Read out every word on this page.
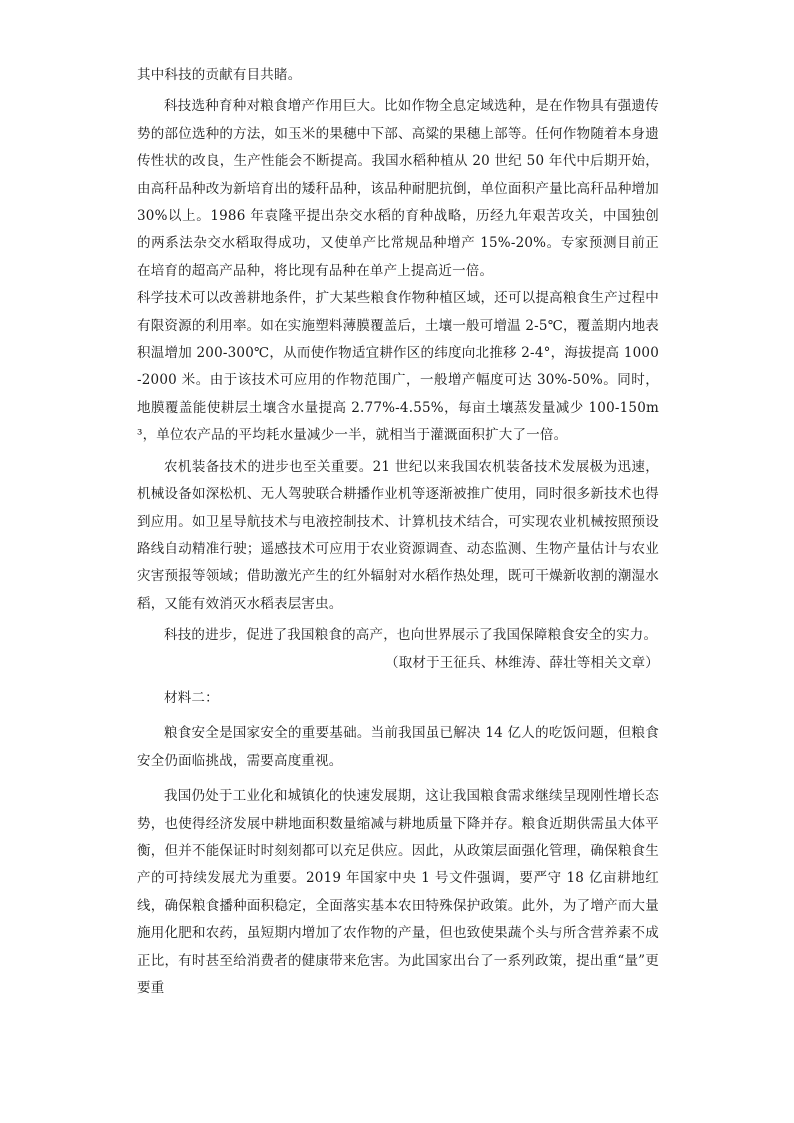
其中科技的贡献有目共睹。

科技选种育种对粮食增产作用巨大。比如作物全息定域选种，是在作物具有强遗传势的部位选种的方法，如玉米的果穗中下部、高粱的果穗上部等。任何作物随着本身遗传性状的改良，生产性能会不断提高。我国水稻种植从 20 世纪 50 年代中后期开始，由高秆品种改为新培育出的矮秆品种，该品种耐肥抗倒，单位面积产量比高秆品种增加 30%以上。1986 年袁隆平提出杂交水稻的育种战略，历经九年艰苦攻关，中国独创的两系法杂交水稻取得成功，又使单产比常规品种增产 15%-20%。专家预测目前正在培育的超高产品种，将比现有品种在单产上提高近一倍。

科学技术可以改善耕地条件，扩大某些粮食作物种植区域，还可以提高粮食生产过程中有限资源的利用率。如在实施塑料薄膜覆盖后，土壤一般可增温 2-5℃，覆盖期内地表积温增加 200-300℃，从而使作物适宜耕作区的纬度向北推移 2-4°，海拔提高 1000-2000 米。由于该技术可应用的作物范围广，一般增产幅度可达 30%-50%。同时，地膜覆盖能使耕层土壤含水量提高 2.77%-4.55%，每亩土壤蒸发量减少 100-150m³，单位农产品的平均耗水量减少一半，就相当于灌溉面积扩大了一倍。

农机装备技术的进步也至关重要。21 世纪以来我国农机装备技术发展极为迅速，机械设备如深松机、无人驾驶联合耕播作业机等逐渐被推广使用，同时很多新技术也得到应用。如卫星导航技术与电液控制技术、计算机技术结合，可实现农业机械按照预设路线自动精准行驶；遥感技术可应用于农业资源调查、动态监测、生物产量估计与农业灾害预报等领域；借助激光产生的红外辐射对水稻作热处理，既可干燥新收割的潮湿水稻，又能有效消灭水稻表层害虫。

科技的进步，促进了我国粮食的高产，也向世界展示了我国保障粮食安全的实力。

（取材于王征兵、林维涛、薛壮等相关文章）

材料二：

粮食安全是国家安全的重要基础。当前我国虽已解决 14 亿人的吃饭问题，但粮食安全仍面临挑战，需要高度重视。

我国仍处于工业化和城镇化的快速发展期，这让我国粮食需求继续呈现刚性增长态势，也使得经济发展中耕地面积数量缩减与耕地质量下降并存。粮食近期供需虽大体平衡，但并不能保证时时刻刻都可以充足供应。因此，从政策层面强化管理，确保粮食生产的可持续发展尤为重要。2019 年国家中央 1 号文件强调，要严守 18 亿亩耕地红线，确保粮食播种面积稳定，全面落实基本农田特殊保护政策。此外，为了增产而大量施用化肥和农药，虽短期内增加了农作物的产量，但也致使果蔬个头与所含营养素不成正比，有时甚至给消费者的健康带来危害。为此国家出台了一系列政策，提出重“量”更要重
